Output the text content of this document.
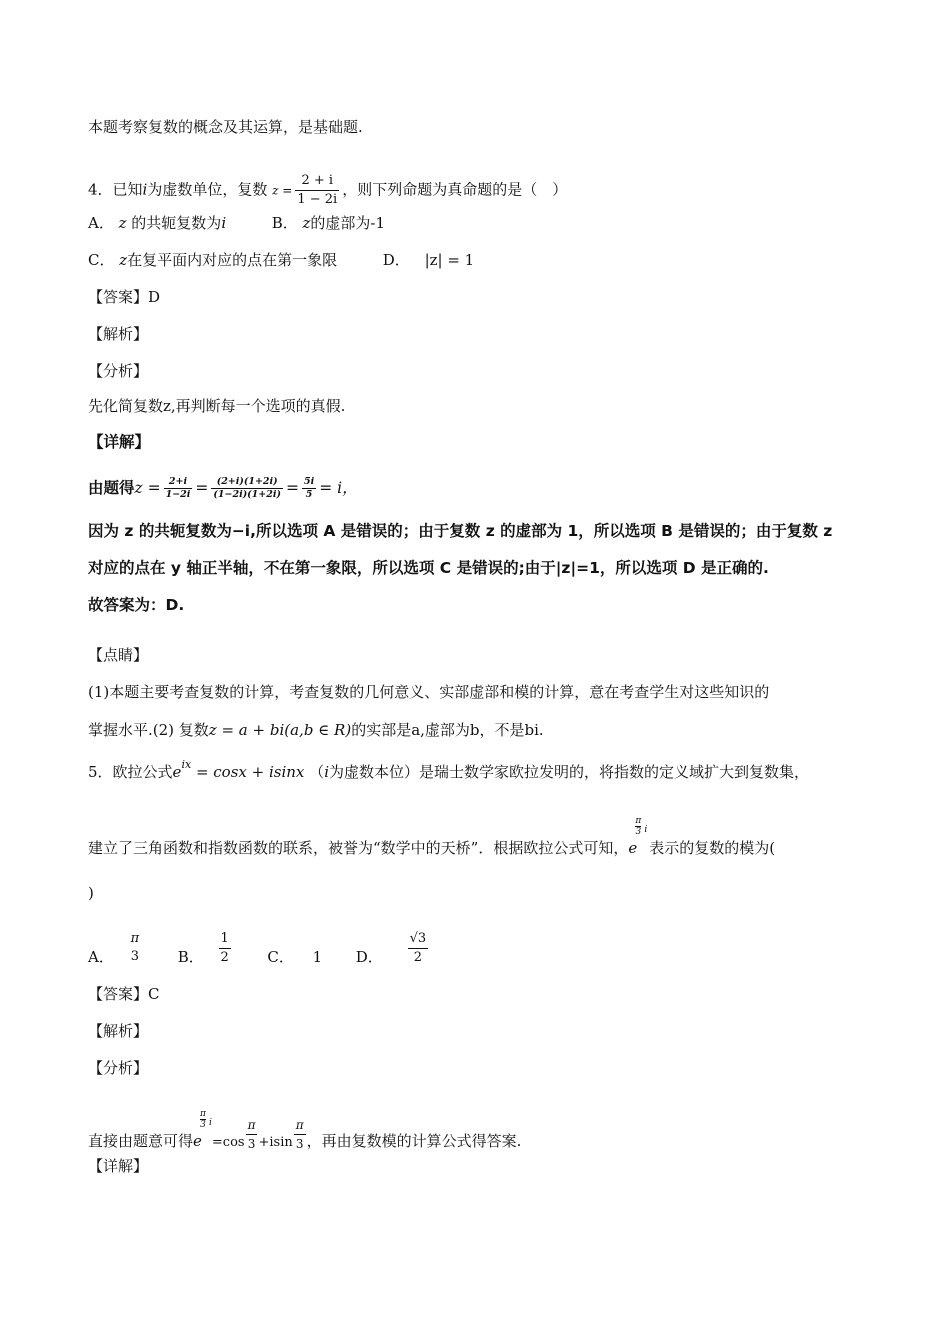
本题考察复数的概念及其运算，是基础题.
4．已知i为虚数单位，复数 $z = \frac{2 + i}{1 - 2i}$ ，则下列命题为真命题的是（　）
A． z 的共轭复数为i	B． z的虚部为-1
C． z在复平面内对应的点在第一象限	D． |z| = 1
【答案】D
【解析】
【分析】
先化简复数z,再判断每一个选项的真假.
【详解】
由题得$z = \frac{2+i}{1-2i} = \frac{(2+i)(1+2i)}{(1-2i)(1+2i)} = \frac{5i}{5} = i$，
因为 z 的共轭复数为−i,所以选项 A 是错误的；由于复数 z 的虚部为 1，所以选项 B 是错误的；由于复数 z
对应的点在 y 轴正半轴，不在第一象限，所以选项 C 是错误的;由于|z|=1，所以选项 D 是正确的.
故答案为：D.
【点睛】
(1)本题主要考查复数的计算，考查复数的几何意义、实部虚部和模的计算，意在考查学生对这些知识的
掌握水平.(2) 复数z = a + bi(a,b ∈ R)的实部是a,虚部为b，不是bi.
5．欧拉公式$e^{ix} = \cos x + isinx$ （i为虚数本位）是瑞士数学家欧拉发明的，将指数的定义域扩大到复数集，
建立了三角函数和指数函数的联系，被誉为“数学中的天桥”．根据欧拉公式可知，e
π
3 i
表示的复数的模为(
)
A．
π
3	B． $\frac{1}{2}$ C． 1 D． $\frac{√3}{2}$
【答案】C
【解析】
【分析】
直接由题意可得e
π
3 i
$=\cos \frac{\pi}{3} +isin \frac{\pi}{3}$ ，再由复数模的计算公式得答案.
【详解】
